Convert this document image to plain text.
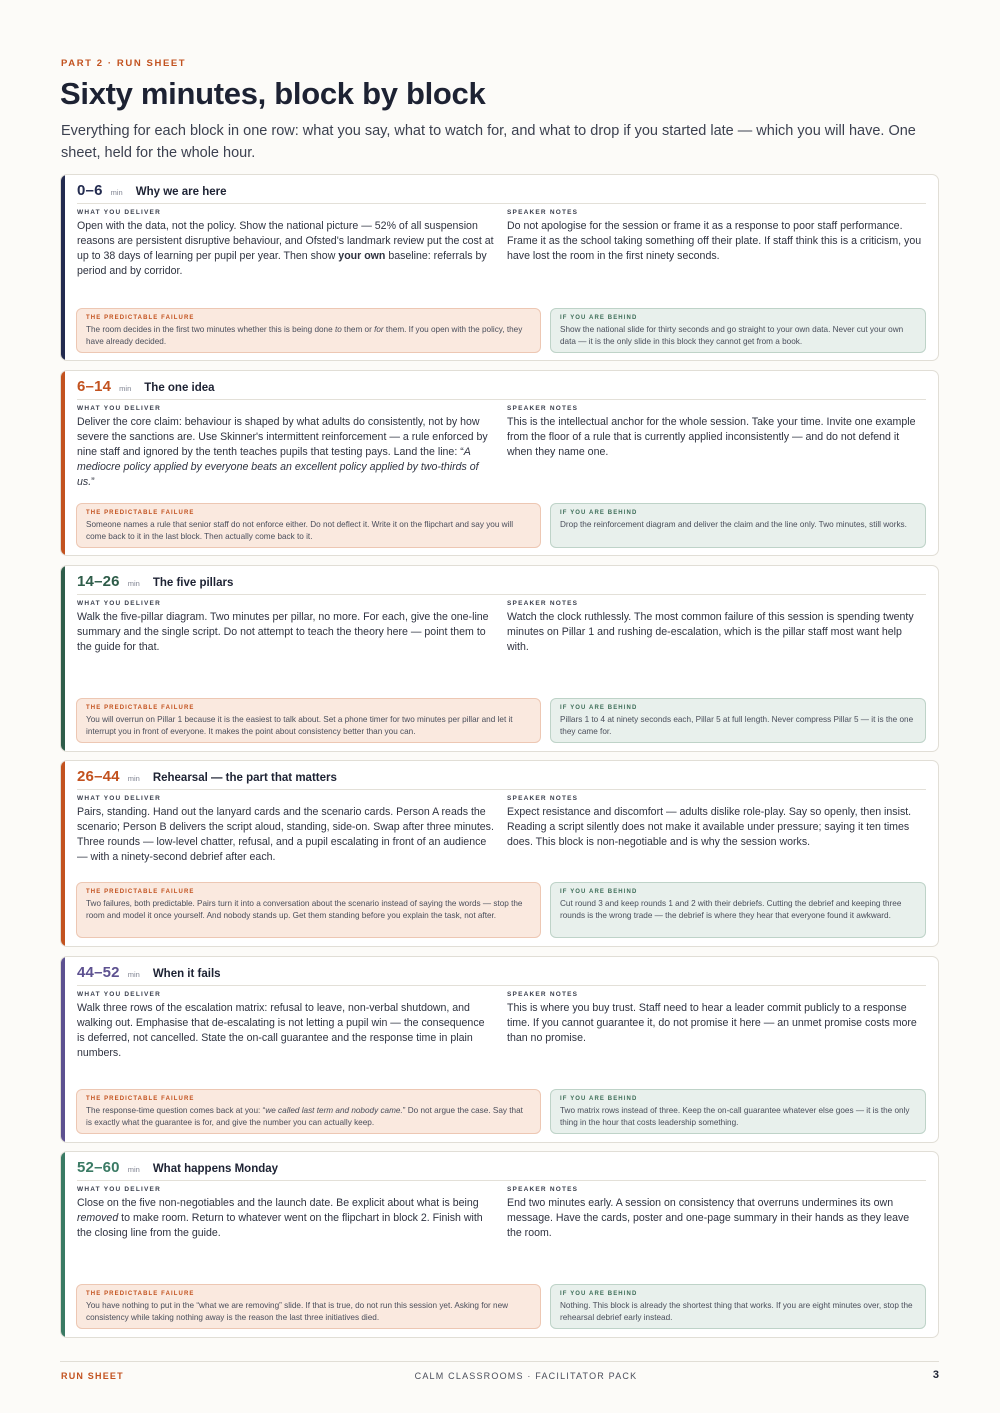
PART 2 · RUN SHEET
Sixty minutes, block by block

Everything for each block in one row: what you say, what to watch for, and what to drop if you started late — which you will have. One sheet, held for the whole hour.

0–6 min Why we are here
WHAT YOU DELIVER
Open with the data, not the policy. Show the national picture — 52% of all suspension reasons are persistent disruptive behaviour, and Ofsted's landmark review put the cost at up to 38 days of learning per pupil per year. Then show your own baseline: referrals by period and by corridor.
SPEAKER NOTES
Do not apologise for the session or frame it as a response to poor staff performance. Frame it as the school taking something off their plate. If staff think this is a criticism, you have lost the room in the first ninety seconds.
THE PREDICTABLE FAILURE
The room decides in the first two minutes whether this is being done to them or for them. If you open with the policy, they have already decided.
IF YOU ARE BEHIND
Show the national slide for thirty seconds and go straight to your own data. Never cut your own data — it is the only slide in this block they cannot get from a book.
6–14 min The one idea
WHAT YOU DELIVER
Deliver the core claim: behaviour is shaped by what adults do consistently, not by how severe the sanctions are. Use Skinner's intermittent reinforcement — a rule enforced by nine staff and ignored by the tenth teaches pupils that testing pays. Land the line: “A mediocre policy applied by everyone beats an excellent policy applied by two-thirds of us.”
SPEAKER NOTES
This is the intellectual anchor for the whole session. Take your time. Invite one example from the floor of a rule that is currently applied inconsistently — and do not defend it when they name one.
THE PREDICTABLE FAILURE
Someone names a rule that senior staff do not enforce either. Do not deflect it. Write it on the flipchart and say you will come back to it in the last block. Then actually come back to it.
IF YOU ARE BEHIND
Drop the reinforcement diagram and deliver the claim and the line only. Two minutes, still works.
14–26 min The five pillars
WHAT YOU DELIVER
Walk the five-pillar diagram. Two minutes per pillar, no more. For each, give the one-line summary and the single script. Do not attempt to teach the theory here — point them to the guide for that.
SPEAKER NOTES
Watch the clock ruthlessly. The most common failure of this session is spending twenty minutes on Pillar 1 and rushing de-escalation, which is the pillar staff most want help with.
THE PREDICTABLE FAILURE
You will overrun on Pillar 1 because it is the easiest to talk about. Set a phone timer for two minutes per pillar and let it interrupt you in front of everyone. It makes the point about consistency better than you can.
IF YOU ARE BEHIND
Pillars 1 to 4 at ninety seconds each, Pillar 5 at full length. Never compress Pillar 5 — it is the one they came for.
26–44 min Rehearsal — the part that matters
WHAT YOU DELIVER
Pairs, standing. Hand out the lanyard cards and the scenario cards. Person A reads the scenario; Person B delivers the script aloud, standing, side-on. Swap after three minutes. Three rounds — low-level chatter, refusal, and a pupil escalating in front of an audience — with a ninety-second debrief after each.
SPEAKER NOTES
Expect resistance and discomfort — adults dislike role-play. Say so openly, then insist. Reading a script silently does not make it available under pressure; saying it ten times does. This block is non-negotiable and is why the session works.
THE PREDICTABLE FAILURE
Two failures, both predictable. Pairs turn it into a conversation about the scenario instead of saying the words — stop the room and model it once yourself. And nobody stands up. Get them standing before you explain the task, not after.
IF YOU ARE BEHIND
Cut round 3 and keep rounds 1 and 2 with their debriefs. Cutting the debrief and keeping three rounds is the wrong trade — the debrief is where they hear that everyone found it awkward.
44–52 min When it fails
WHAT YOU DELIVER
Walk three rows of the escalation matrix: refusal to leave, non-verbal shutdown, and walking out. Emphasise that de-escalating is not letting a pupil win — the consequence is deferred, not cancelled. State the on-call guarantee and the response time in plain numbers.
SPEAKER NOTES
This is where you buy trust. Staff need to hear a leader commit publicly to a response time. If you cannot guarantee it, do not promise it here — an unmet promise costs more than no promise.
THE PREDICTABLE FAILURE
The response-time question comes back at you: “we called last term and nobody came.” Do not argue the case. Say that is exactly what the guarantee is for, and give the number you can actually keep.
IF YOU ARE BEHIND
Two matrix rows instead of three. Keep the on-call guarantee whatever else goes — it is the only thing in the hour that costs leadership something.
52–60 min What happens Monday
WHAT YOU DELIVER
Close on the five non-negotiables and the launch date. Be explicit about what is being removed to make room. Return to whatever went on the flipchart in block 2. Finish with the closing line from the guide.
SPEAKER NOTES
End two minutes early. A session on consistency that overruns undermines its own message. Have the cards, poster and one-page summary in their hands as they leave the room.
THE PREDICTABLE FAILURE
You have nothing to put in the “what we are removing” slide. If that is true, do not run this session yet. Asking for new consistency while taking nothing away is the reason the last three initiatives died.
IF YOU ARE BEHIND
Nothing. This block is already the shortest thing that works. If you are eight minutes over, stop the rehearsal debrief early instead.
RUN SHEET	CALM CLASSROOMS · FACILITATOR PACK	3
